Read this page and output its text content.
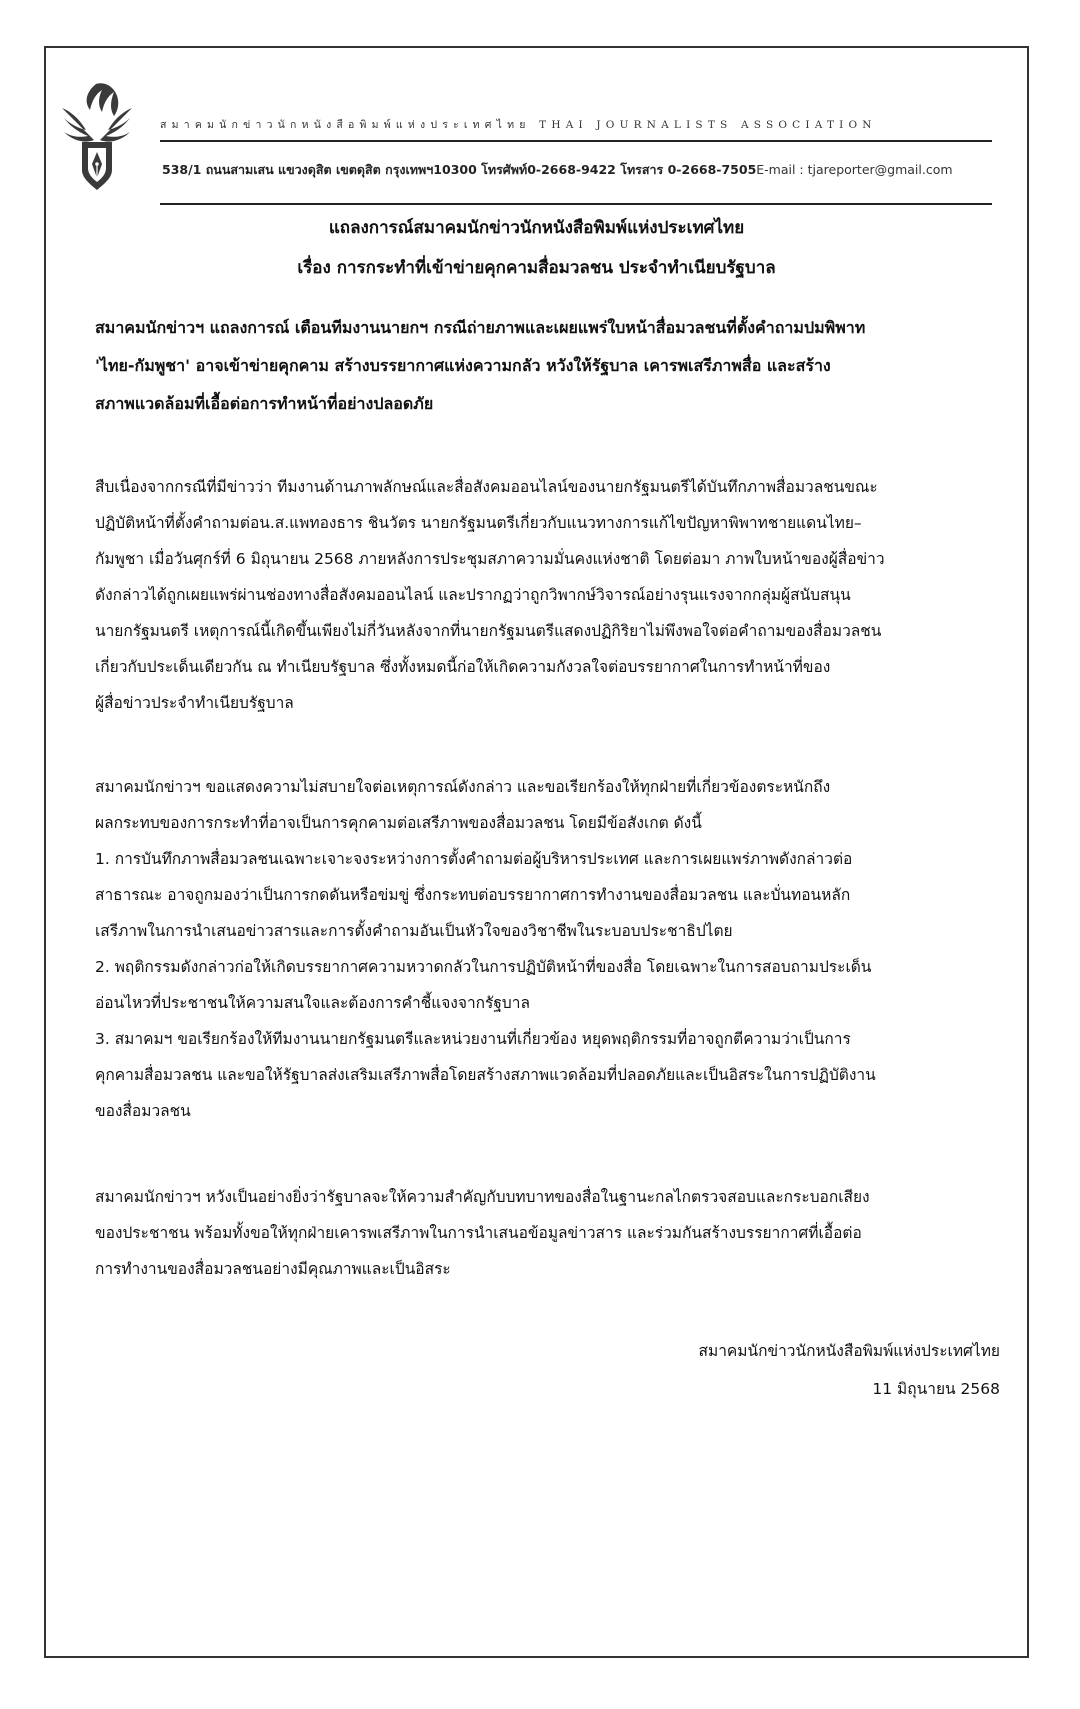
สมาคมนักข่าวนักหนังสือพิมพ์แห่งประเทศไทย THAI JOURNALISTS ASSOCIATION
538/1 ถนนสามเสน แขวงดุสิต เขตดุสิต กรุงเทพฯ10300 โทรศัพท์0-2668-9422 โทรสาร 0-2668-7505E-mail : tjareporter@gmail.com
แถลงการณ์สมาคมนักข่าวนักหนังสือพิมพ์แห่งประเทศไทย
เรื่อง การกระทำที่เข้าข่ายคุกคามสื่อมวลชน ประจำทำเนียบรัฐบาล
สมาคมนักข่าวฯ แถลงการณ์ เตือนทีมงานนายกฯ กรณีถ่ายภาพและเผยแพร่ใบหน้าสื่อมวลชนที่ตั้งคำถามปมพิพาท
'ไทย-กัมพูชา' อาจเข้าข่ายคุกคาม สร้างบรรยากาศแห่งความกลัว หวังให้รัฐบาล เคารพเสรีภาพสื่อ และสร้าง
สภาพแวดล้อมที่เอื้อต่อการทำหน้าที่อย่างปลอดภัย
สืบเนื่องจากกรณีที่มีข่าวว่า ทีมงานด้านภาพลักษณ์และสื่อสังคมออนไลน์ของนายกรัฐมนตรีได้บันทึกภาพสื่อมวลชนขณะ
ปฏิบัติหน้าที่ตั้งคำถามต่อน.ส.แพทองธาร ชินวัตร นายกรัฐมนตรีเกี่ยวกับแนวทางการแก้ไขปัญหาพิพาทชายแดนไทย–
กัมพูชา เมื่อวันศุกร์ที่ 6 มิถุนายน 2568 ภายหลังการประชุมสภาความมั่นคงแห่งชาติ โดยต่อมา ภาพใบหน้าของผู้สื่อข่าว
ดังกล่าวได้ถูกเผยแพร่ผ่านช่องทางสื่อสังคมออนไลน์ และปรากฏว่าถูกวิพากษ์วิจารณ์อย่างรุนแรงจากกลุ่มผู้สนับสนุน
นายกรัฐมนตรี เหตุการณ์นี้เกิดขึ้นเพียงไม่กี่วันหลังจากที่นายกรัฐมนตรีแสดงปฏิกิริยาไม่พึงพอใจต่อคำถามของสื่อมวลชน
เกี่ยวกับประเด็นเดียวกัน ณ ทำเนียบรัฐบาล ซึ่งทั้งหมดนี้ก่อให้เกิดความกังวลใจต่อบรรยากาศในการทำหน้าที่ของ
ผู้สื่อข่าวประจำทำเนียบรัฐบาล
สมาคมนักข่าวฯ ขอแสดงความไม่สบายใจต่อเหตุการณ์ดังกล่าว และขอเรียกร้องให้ทุกฝ่ายที่เกี่ยวข้องตระหนักถึง
ผลกระทบของการกระทำที่อาจเป็นการคุกคามต่อเสรีภาพของสื่อมวลชน โดยมีข้อสังเกต ดังนี้
1. การบันทึกภาพสื่อมวลชนเฉพาะเจาะจงระหว่างการตั้งคำถามต่อผู้บริหารประเทศ และการเผยแพร่ภาพดังกล่าวต่อ
สาธารณะ อาจถูกมองว่าเป็นการกดดันหรือข่มขู่ ซึ่งกระทบต่อบรรยากาศการทำงานของสื่อมวลชน และบั่นทอนหลัก
เสรีภาพในการนำเสนอข่าวสารและการตั้งคำถามอันเป็นหัวใจของวิชาชีพในระบอบประชาธิปไตย
2. พฤติกรรมดังกล่าวก่อให้เกิดบรรยากาศความหวาดกลัวในการปฏิบัติหน้าที่ของสื่อ โดยเฉพาะในการสอบถามประเด็น
อ่อนไหวที่ประชาชนให้ความสนใจและต้องการคำชี้แจงจากรัฐบาล
3. สมาคมฯ ขอเรียกร้องให้ทีมงานนายกรัฐมนตรีและหน่วยงานที่เกี่ยวข้อง หยุดพฤติกรรมที่อาจถูกตีความว่าเป็นการ
คุกคามสื่อมวลชน และขอให้รัฐบาลส่งเสริมเสรีภาพสื่อโดยสร้างสภาพแวดล้อมที่ปลอดภัยและเป็นอิสระในการปฏิบัติงาน
ของสื่อมวลชน
สมาคมนักข่าวฯ หวังเป็นอย่างยิ่งว่ารัฐบาลจะให้ความสำคัญกับบทบาทของสื่อในฐานะกลไกตรวจสอบและกระบอกเสียง
ของประชาชน พร้อมทั้งขอให้ทุกฝ่ายเคารพเสรีภาพในการนำเสนอข้อมูลข่าวสาร และร่วมกันสร้างบรรยากาศที่เอื้อต่อ
การทำงานของสื่อมวลชนอย่างมีคุณภาพและเป็นอิสระ
สมาคมนักข่าวนักหนังสือพิมพ์แห่งประเทศไทย
11 มิถุนายน 2568
